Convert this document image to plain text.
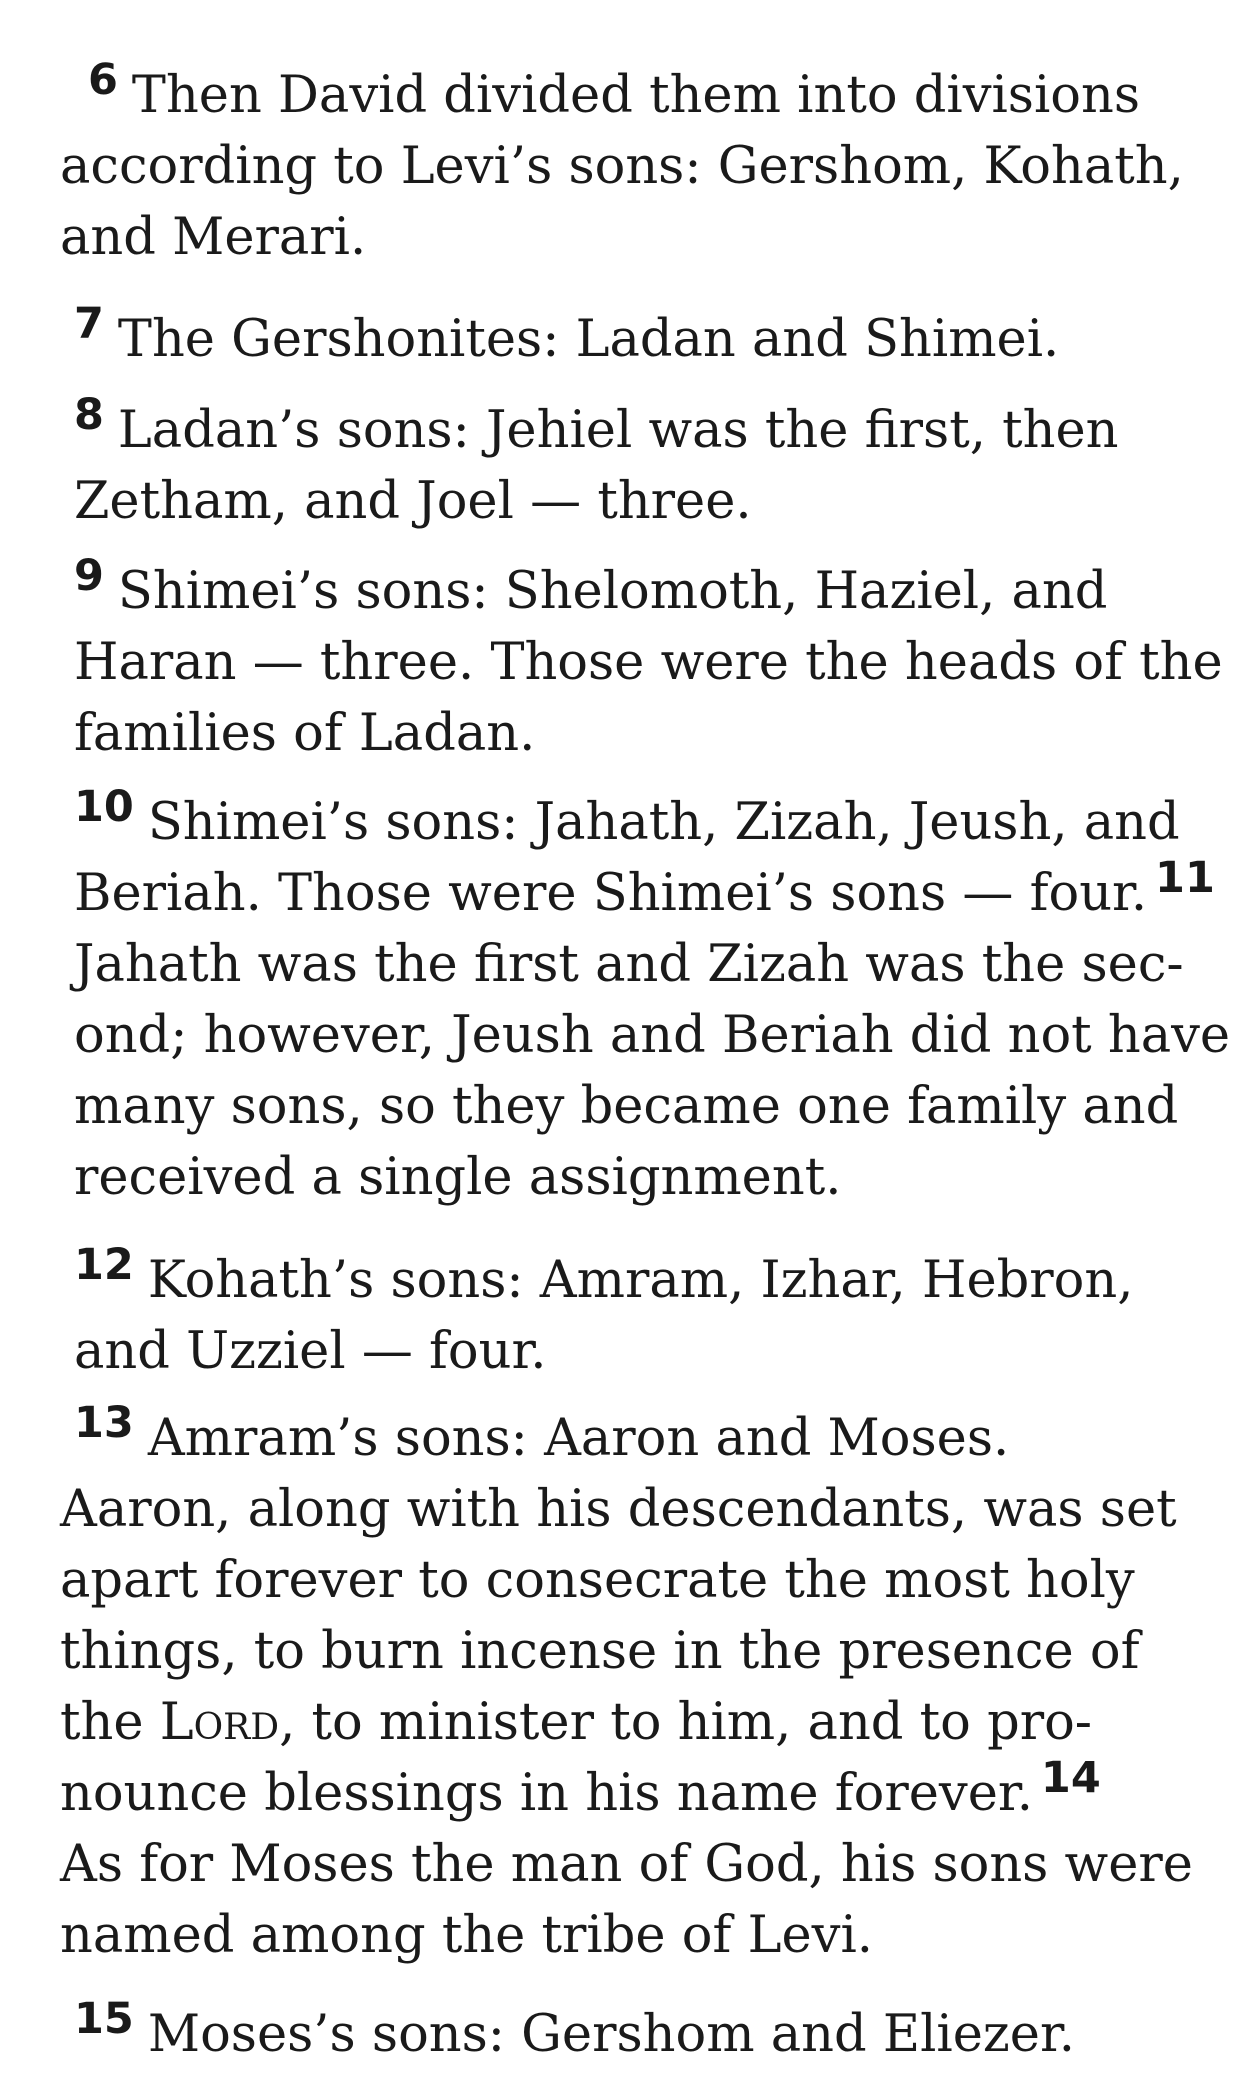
$^6$ Then David divided them into divisions
according to Levi’s sons: Gershom, Kohath,
and Merari.
$^7$ The Gershonites: Ladan and Shimei.
$^8$ Ladan’s sons: Jehiel was the first, then
Zetham, and Joel — three.
$^9$ Shimei’s sons: Shelomoth, Haziel, and
Haran — three. Those were the heads of the
families of Ladan.
$^{10}$ Shimei’s sons: Jahath, Zizah, Jeush, and
Beriah. Those were Shimei’s sons — four. $^{11}$
Jahath was the first and Zizah was the sec-
ond; however, Jeush and Beriah did not have
many sons, so they became one family and
received a single assignment.
$^{12}$ Kohath’s sons: Amram, Izhar, Hebron,
and Uzziel — four.
$^{13}$ Amram’s sons: Aaron and Moses.
Aaron, along with his descendants, was set
apart forever to consecrate the most holy
things, to burn incense in the presence of
the Lord, to minister to him, and to pro-
nounce blessings in his name forever. $^{14}$
As for Moses the man of God, his sons were
named among the tribe of Levi.
$^{15}$ Moses’s sons: Gershom and Eliezer.
